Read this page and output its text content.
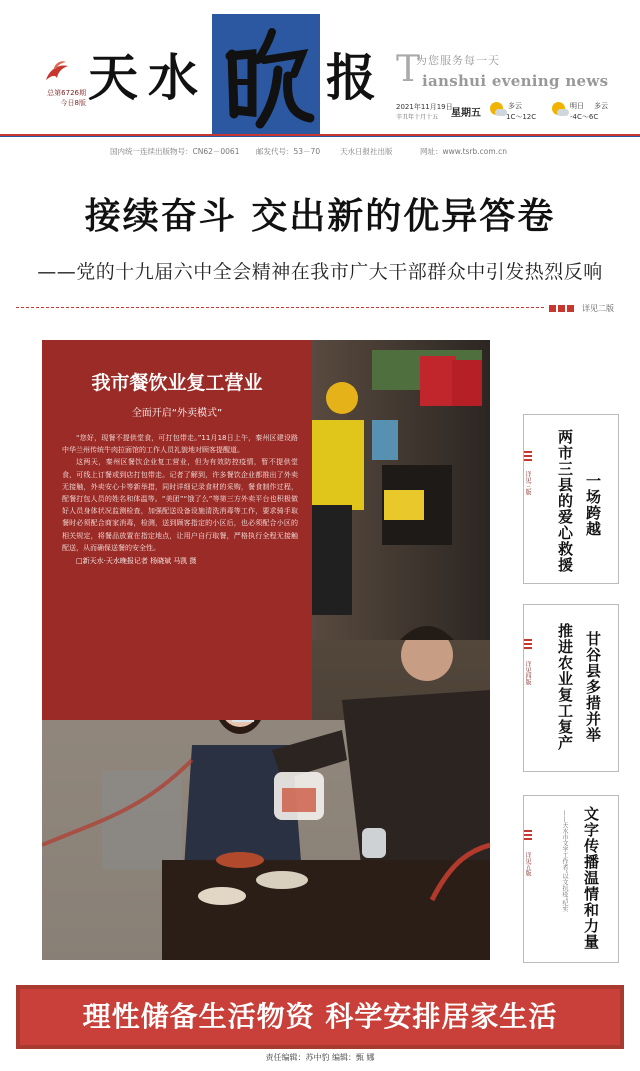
总第6726期
今日8版 天 水	报 T
为您服务每一天
ianshui evening news
2021年11月19日
辛丑年十月十五 星期五
多云
1C～12C
明日 多云
-4C～6C
国内统一连续出版物号：CN62－0061 邮发代号：53－70	天水日报社出版	网址：www.tsrb.com.cn
接续奋斗 交出新的优异答卷
——党的十九届六中全会精神在我市广大干部群众中引发热烈反响
详见二版
我市餐饮业复工营业
全面开启“外卖模式”

“您好，现餐不提供堂食，可打包带走。”11月18日上午，秦州区建设路中华兰州传统牛肉拉面馆的工作人员礼貌地对顾客提醒道。

这两天，秦州区餐饮企业复工营业，但为有效防控疫情，暂不提供堂食，可线上订餐或到店打包带走。记者了解到，许多餐饮企业都推出了外卖无接触，外卖安心卡等新举措，同时详细记录食材的采购，餐食制作过程，配餐打包人员的姓名和体温等。“美团”“饿了么”等第三方外卖平台也积极做好人员身体状况监测检查，加强配送设备设施清洗消毒等工作，要求骑手取餐时必须配合商家消毒，检测，送到顾客指定的小区后，也必须配合小区的相关规定，将餐品放置在指定地点，让用户自行取餐，严格执行全程无接触配送，从而确保送餐的安全性。

□新天水·天水晚报记者 杨晓斌 马凯 摄
一场跨越
两市三县的爱心救援
详见三版
甘谷县多措并举
推进农业复工复产
详见四版
文字传播温情和力量
——天水市文字工作者“以文抗疫”纪实
详见五版
理性储备生活物资 科学安排居家生活
责任编辑：苏中豹 编辑：甄 娜
